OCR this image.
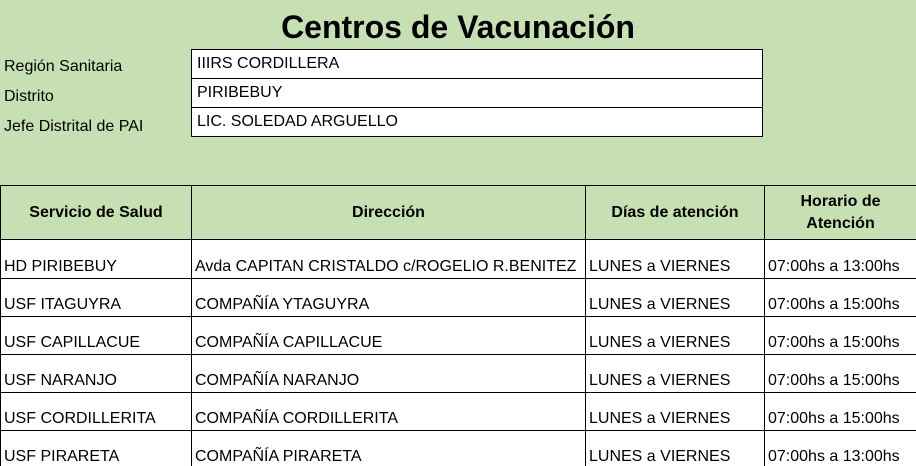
Centros de Vacunación
Región Sanitaria	IIIRS CORDILLERA
Distrito	PIRIBEBUY
Jefe Distrital de PAI	LIC. SOLEDAD ARGUELLO
Servicio de Salud	Dirección	Días de atención	Horario de Atención
HD PIRIBEBUY	Avda CAPITAN CRISTALDO c/ROGELIO R.BENITEZ	LUNES a VIERNES	07:00hs a 13:00hs
USF ITAGUYRA	COMPAÑÍA YTAGUYRA	LUNES a VIERNES	07:00hs a 15:00hs
USF CAPILLACUE	COMPAÑÍA CAPILLACUE	LUNES a VIERNES	07:00hs a 15:00hs
USF NARANJO	COMPAÑÍA NARANJO	LUNES a VIERNES	07:00hs a 15:00hs
USF CORDILLERITA	COMPAÑÍA CORDILLERITA	LUNES a VIERNES	07:00hs a 15:00hs
USF PIRARETA	COMPAÑÍA PIRARETA	LUNES a VIERNES	07:00hs a 13:00hs
